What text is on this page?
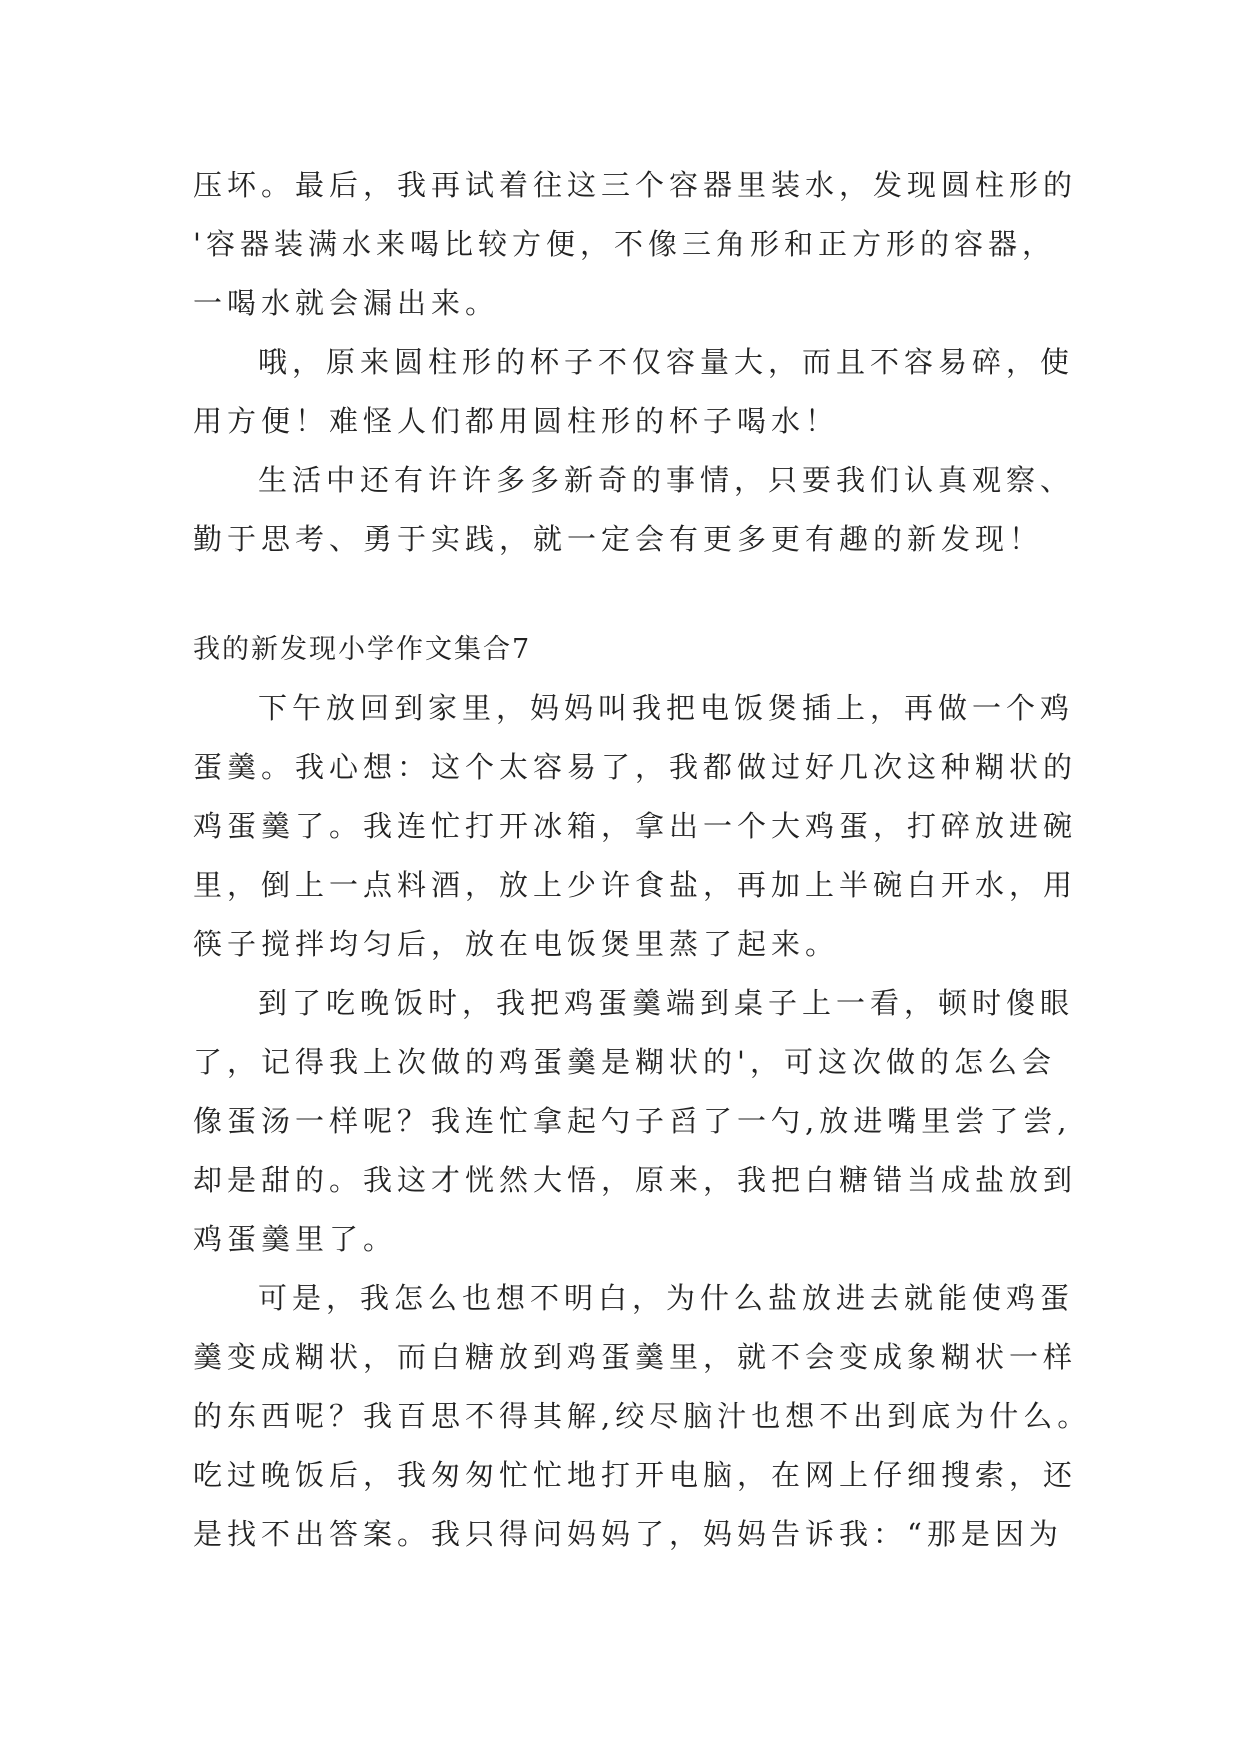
压坏。最后，我再试着往这三个容器里装水，发现圆柱形的
'容器装满水来喝比较方便，不像三角形和正方形的容器，
一喝水就会漏出来。
哦，原来圆柱形的杯子不仅容量大，而且不容易碎，使
用方便！难怪人们都用圆柱形的杯子喝水！
生活中还有许许多多新奇的事情，只要我们认真观察、
勤于思考、勇于实践，就一定会有更多更有趣的新发现！
我的新发现小学作文集合7
下午放回到家里，妈妈叫我把电饭煲插上，再做一个鸡
蛋羹。我心想：这个太容易了，我都做过好几次这种糊状的
鸡蛋羹了。我连忙打开冰箱，拿出一个大鸡蛋，打碎放进碗
里，倒上一点料酒，放上少许食盐，再加上半碗白开水，用
筷子搅拌均匀后，放在电饭煲里蒸了起来。
到了吃晚饭时，我把鸡蛋羹端到桌子上一看，顿时傻眼
了，记得我上次做的鸡蛋羹是糊状的'，可这次做的怎么会
像蛋汤一样呢？我连忙拿起勺子舀了一勺,放进嘴里尝了尝,
却是甜的。我这才恍然大悟，原来，我把白糖错当成盐放到
鸡蛋羹里了。
可是，我怎么也想不明白，为什么盐放进去就能使鸡蛋
羹变成糊状，而白糖放到鸡蛋羹里，就不会变成象糊状一样
的东西呢？我百思不得其解,绞尽脑汁也想不出到底为什么。
吃过晚饭后，我匆匆忙忙地打开电脑，在网上仔细搜索，还
是找不出答案。我只得问妈妈了，妈妈告诉我：“那是因为
